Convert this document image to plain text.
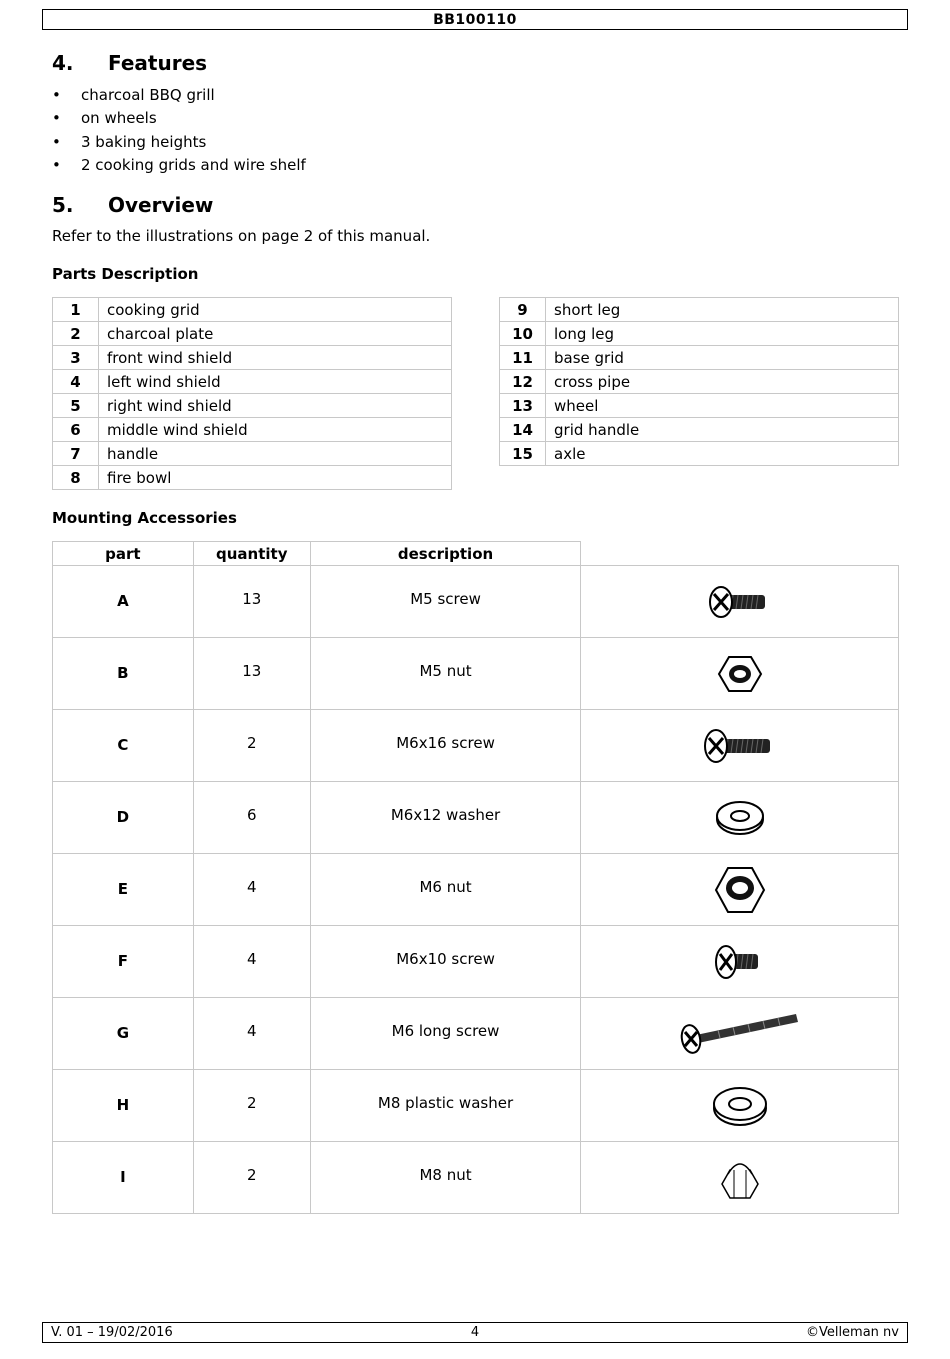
BB100110
4. Features
• charcoal BBQ grill
• on wheels
• 3 baking heights
• 2 cooking grids and wire shelf
5. Overview
Refer to the illustrations on page 2 of this manual.
Parts Description
1	cooking grid
2	charcoal plate
3	front wind shield
4	left wind shield
5	right wind shield
6	middle wind shield
7	handle
8	fire bowl
9	short leg
10	long leg
11	base grid
12	cross pipe
13	wheel
14	grid handle
15	axle
Mounting Accessories
part	quantity	description	
A	13	M5 screw	

B	13	M5 nut	

C	2	M6x16 screw	

D	6	M6x12 washer	

E	4	M6 nut	

F	4	M6x10 screw	

G	4	M6 long screw	

H	2	M8 plastic washer	

I	2	M8 nut	
V. 01 – 19/02/2016	4	©Velleman nv
